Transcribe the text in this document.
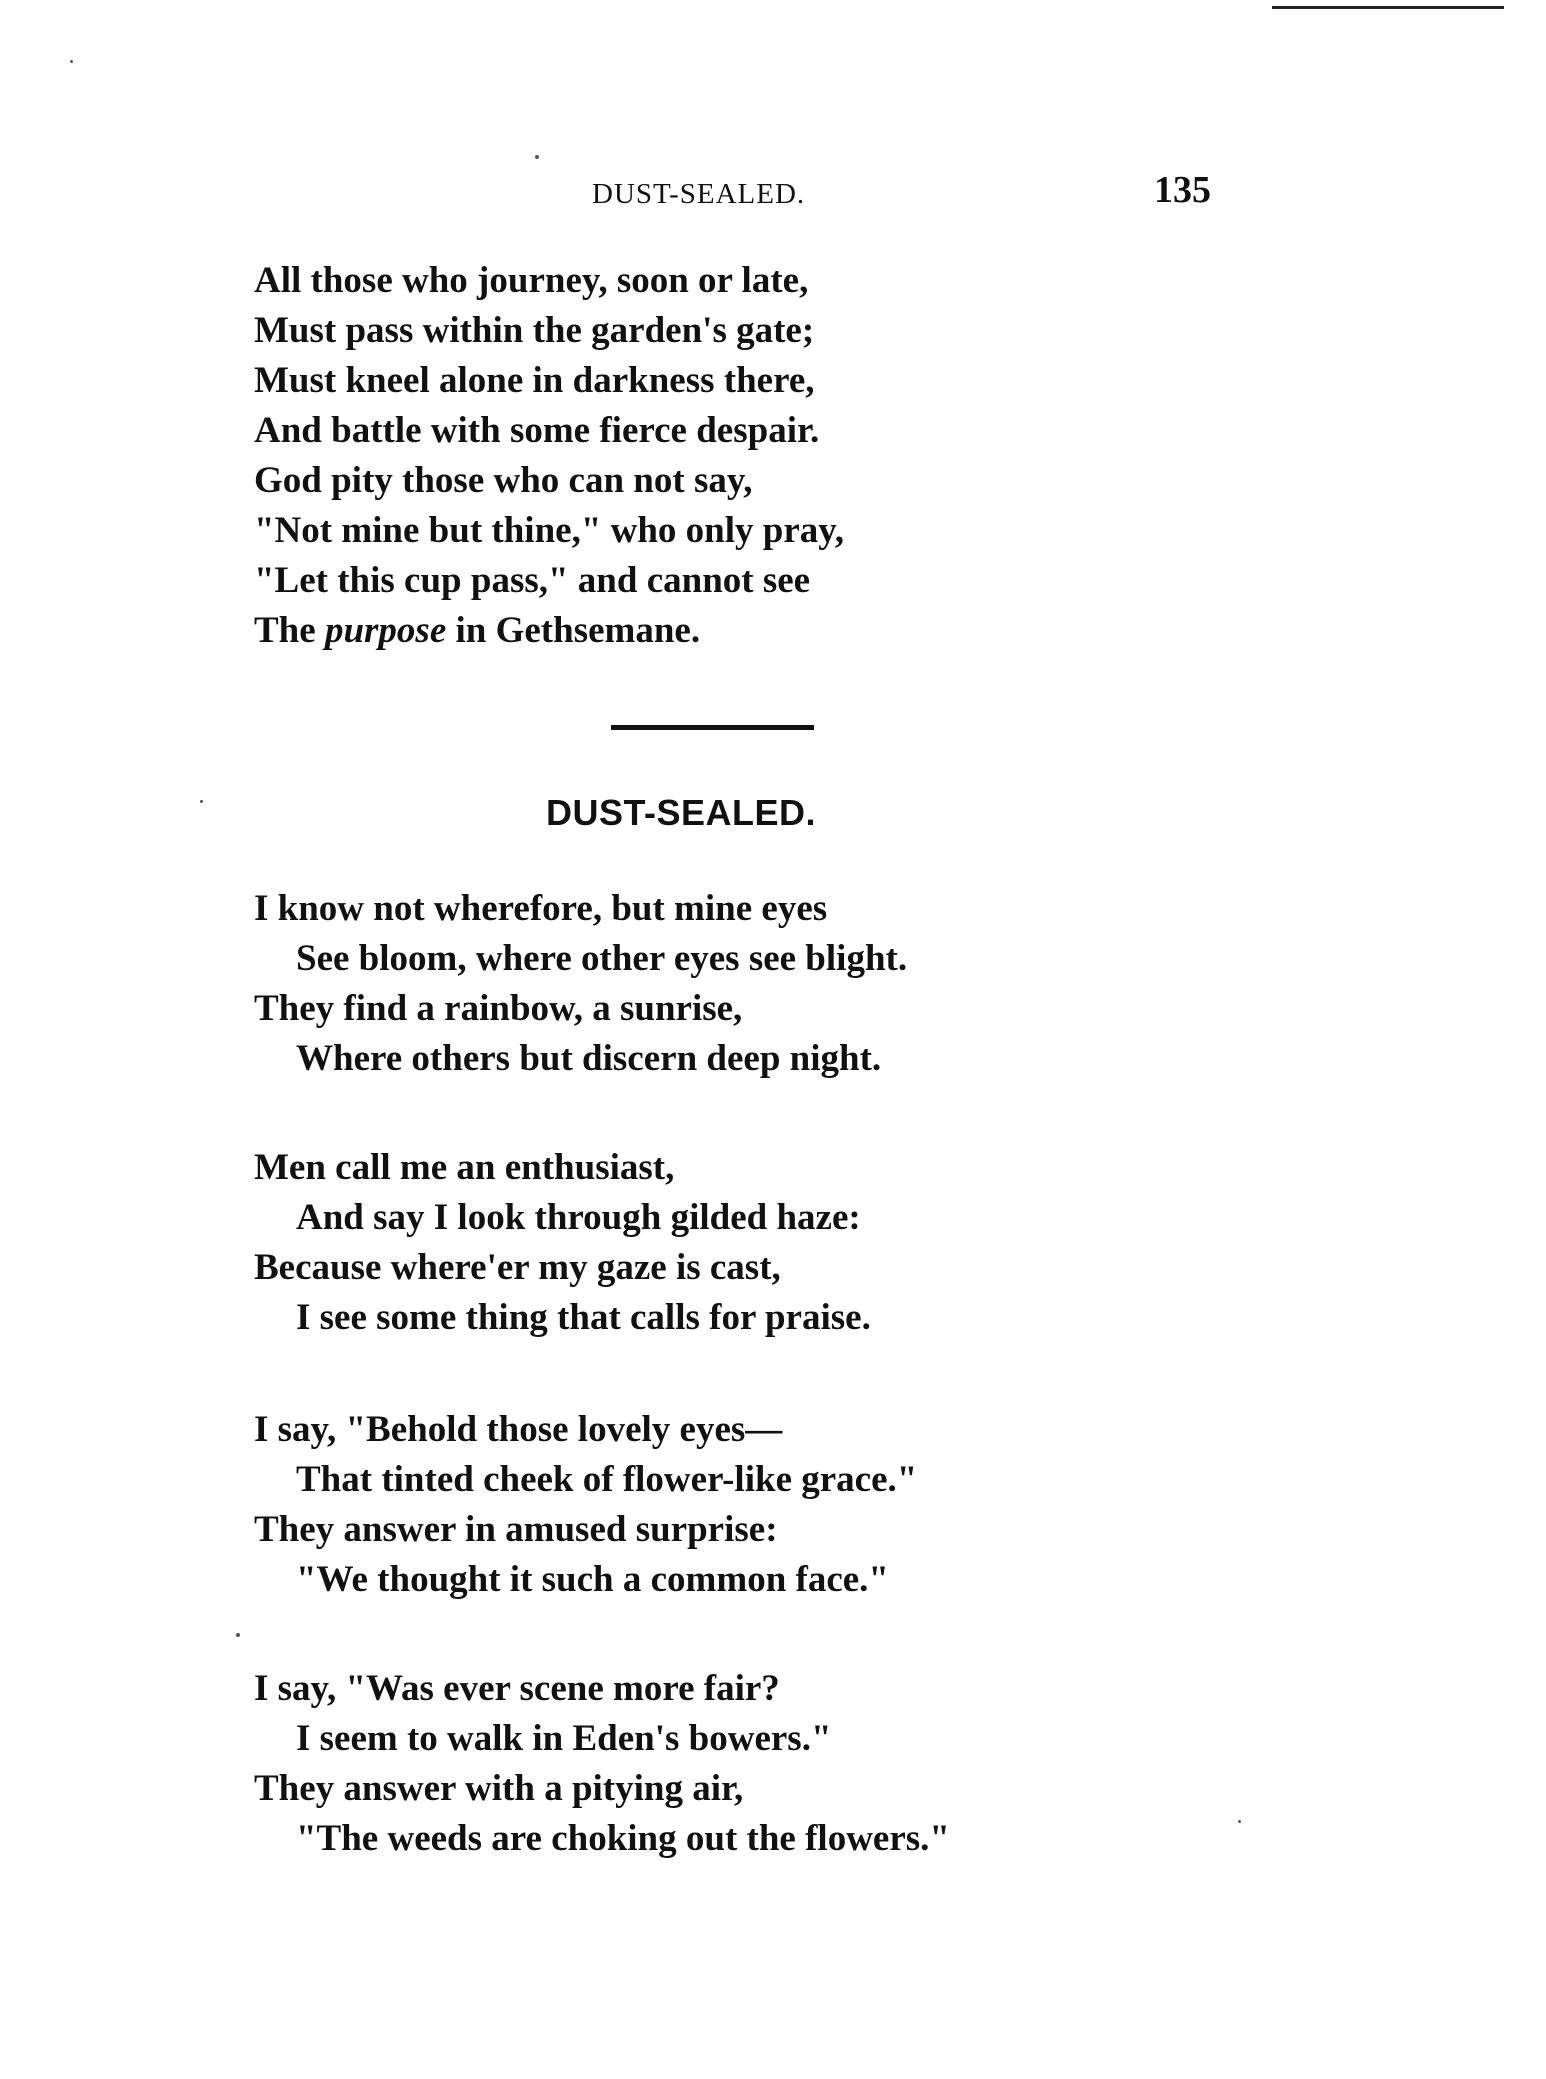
DUST-SEALED.	135
All those who journey, soon or late,
Must pass within the garden's gate;
Must kneel alone in darkness there,
And battle with some fierce despair.
God pity those who can not say,
"Not mine but thine," who only pray,
"Let this cup pass," and cannot see
The purpose in Gethsemane.
DUST-SEALED.
I know not wherefore, but mine eyes
See bloom, where other eyes see blight.
They find a rainbow, a sunrise,
Where others but discern deep night.
Men call me an enthusiast,
And say I look through gilded haze:
Because where'er my gaze is cast,
I see some thing that calls for praise.
I say, "Behold those lovely eyes—
That tinted cheek of flower-like grace."
They answer in amused surprise:
"We thought it such a common face."
I say, "Was ever scene more fair?
I seem to walk in Eden's bowers."
They answer with a pitying air,
"The weeds are choking out the flowers."
